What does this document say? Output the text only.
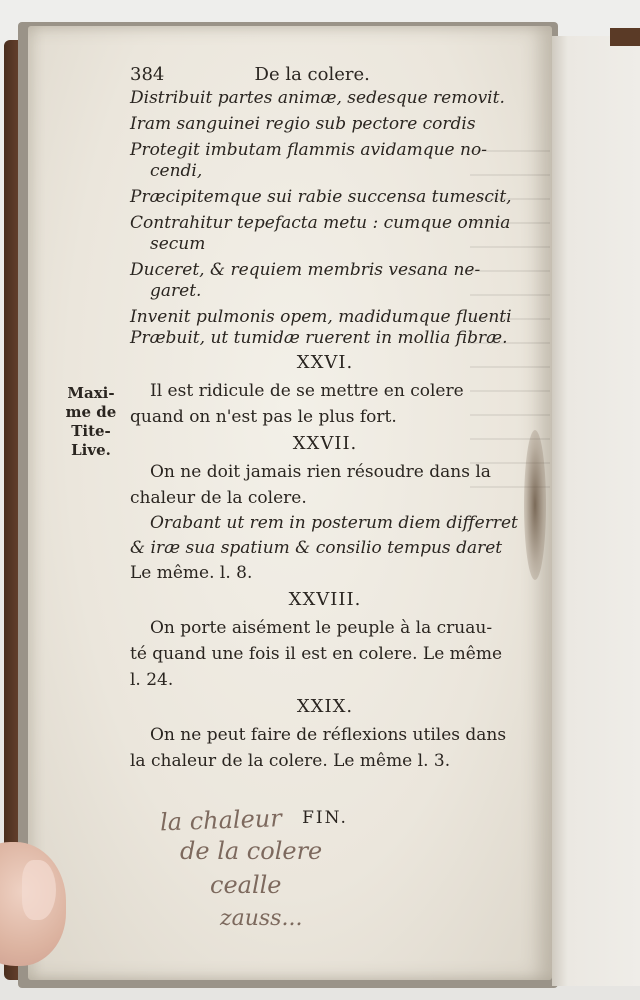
Maxi-
me de
Tite-
Live.
384	De la colere.

Distribuit partes animæ, sedesque removit.

Iram sanguinei regio sub pectore cordis

Protegit imbutam flammis avidamque no-

cendi,

Præcipitemque sui rabie succensa tumescit,

Contrahitur tepefacta metu : cumque omnia

secum

Duceret, & requiem membris vesana ne-

garet.

Invenit pulmonis opem, madidumque fluenti

Præbuit, ut tumidæ ruerent in mollia fibræ.

XXVI.

Il est ridicule de se mettre en colere

quand on n'est pas le plus fort.

XXVII.

On ne doit jamais rien résoudre dans la

chaleur de la colere.

Orabant ut rem in posterum diem differret

& iræ sua spatium & consilio tempus daret

Le même. l. 8.

XXVIII.

On porte aisément le peuple à la cruau-

té quand une fois il est en colere. Le même

l. 24.

XXIX.

On ne peut faire de réflexions utiles dans

la chaleur de la colere. Le même l. 3.

FIN.
la chaleur
de la colere
cealle
zauss...
